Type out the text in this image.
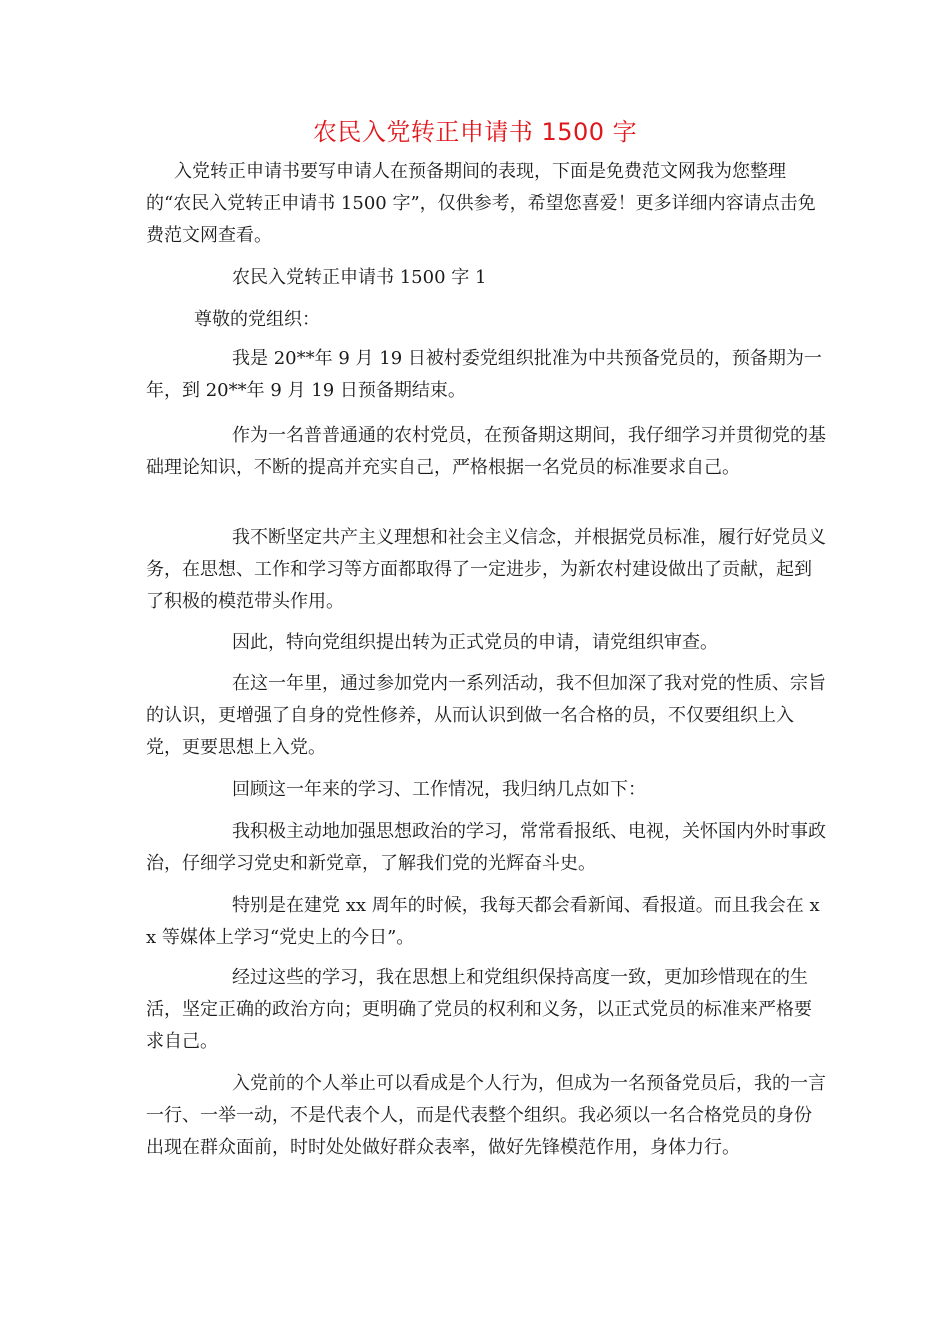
农民入党转正申请书 1500 字

入党转正申请书要写申请人在预备期间的表现，下面是免费范文网我为您整理的“农民入党转正申请书 1500 字”，仅供参考，希望您喜爱！更多详细内容请点击免费范文网查看。

农民入党转正申请书 1500 字 1

尊敬的党组织：

我是 20**年 9 月 19 日被村委党组织批准为中共预备党员的，预备期为一年，到 20**年 9 月 19 日预备期结束。

作为一名普普通通的农村党员，在预备期这期间，我仔细学习并贯彻党的基础理论知识，不断的提高并充实自己，严格根据一名党员的标准要求自己。

我不断坚定共产主义理想和社会主义信念，并根据党员标准，履行好党员义务，在思想、工作和学习等方面都取得了一定进步，为新农村建设做出了贡献，起到了积极的模范带头作用。

因此，特向党组织提出转为正式党员的申请，请党组织审查。

在这一年里，通过参加党内一系列活动，我不但加深了我对党的性质、宗旨的认识，更增强了自身的党性修养，从而认识到做一名合格的员，不仅要组织上入党，更要思想上入党。

回顾这一年来的学习、工作情况，我归纳几点如下：

我积极主动地加强思想政治的学习，常常看报纸、电视，关怀国内外时事政治，仔细学习党史和新党章，了解我们党的光辉奋斗史。

特别是在建党 xx 周年的时候，我每天都会看新闻、看报道。而且我会在 xx 等媒体上学习“党史上的今日”。

经过这些的学习，我在思想上和党组织保持高度一致，更加珍惜现在的生活，坚定正确的政治方向；更明确了党员的权利和义务，以正式党员的标准来严格要求自己。

入党前的个人举止可以看成是个人行为，但成为一名预备党员后，我的一言一行、一举一动，不是代表个人，而是代表整个组织。我必须以一名合格党员的身份出现在群众面前，时时处处做好群众表率，做好先锋模范作用，身体力行。
